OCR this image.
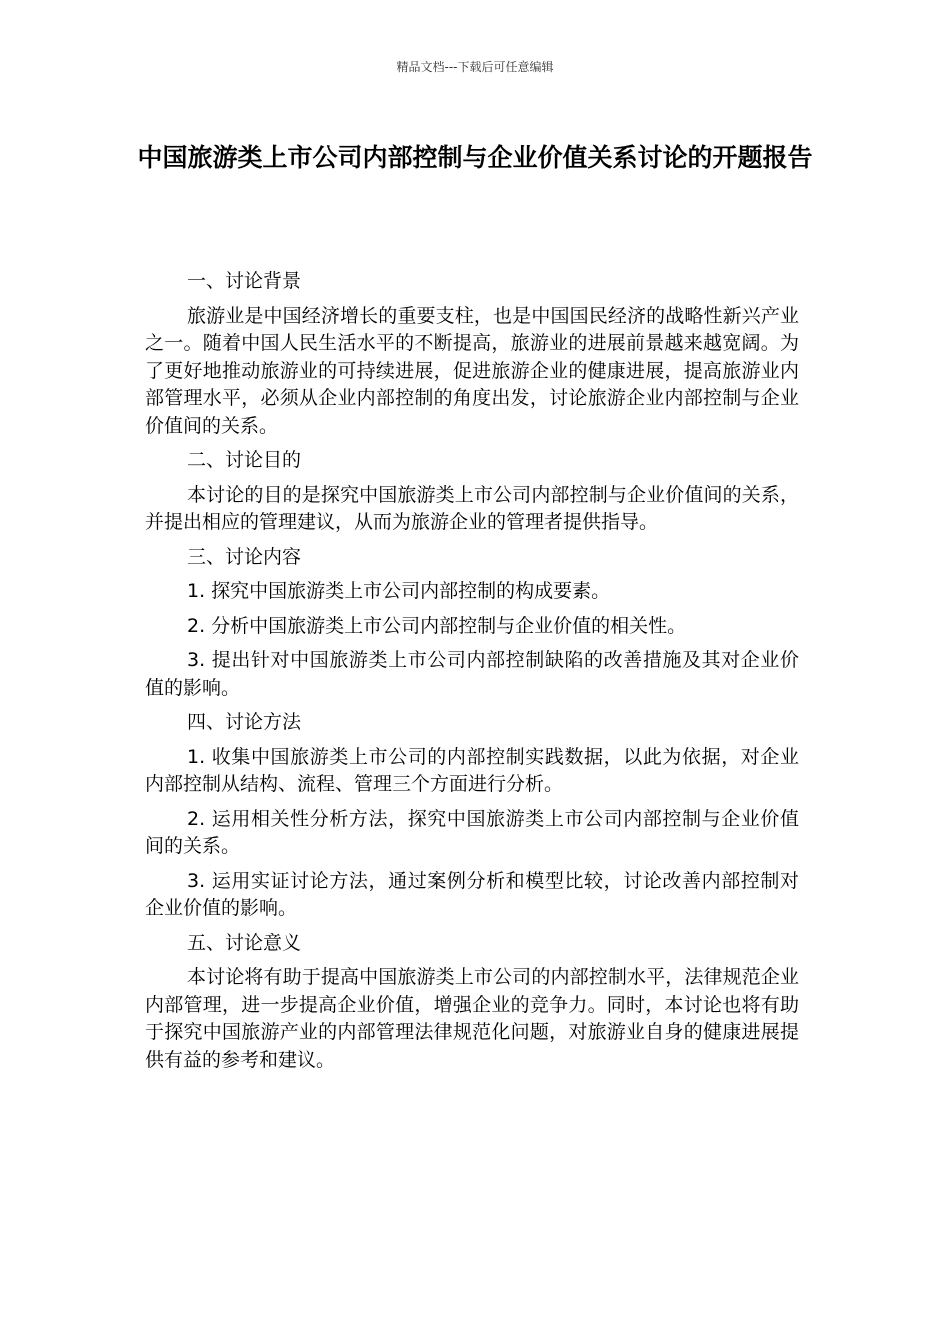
精品文档---下载后可任意编辑
中国旅游类上市公司内部控制与企业价值关系讨论的开题报告

一、讨论背景

旅游业是中国经济增长的重要支柱，也是中国国民经济的战略性新兴产业之一。随着中国人民生活水平的不断提高，旅游业的进展前景越来越宽阔。为了更好地推动旅游业的可持续进展，促进旅游企业的健康进展，提高旅游业内部管理水平，必须从企业内部控制的角度出发，讨论旅游企业内部控制与企业价值间的关系。

二、讨论目的

本讨论的目的是探究中国旅游类上市公司内部控制与企业价值间的关系，并提出相应的管理建议，从而为旅游企业的管理者提供指导。

三、讨论内容

1. 探究中国旅游类上市公司内部控制的构成要素。

2. 分析中国旅游类上市公司内部控制与企业价值的相关性。

3. 提出针对中国旅游类上市公司内部控制缺陷的改善措施及其对企业价值的影响。

四、讨论方法

1. 收集中国旅游类上市公司的内部控制实践数据，以此为依据，对企业内部控制从结构、流程、管理三个方面进行分析。

2. 运用相关性分析方法，探究中国旅游类上市公司内部控制与企业价值间的关系。

3. 运用实证讨论方法，通过案例分析和模型比较，讨论改善内部控制对企业价值的影响。

五、讨论意义

本讨论将有助于提高中国旅游类上市公司的内部控制水平，法律规范企业内部管理，进一步提高企业价值，增强企业的竞争力。同时，本讨论也将有助于探究中国旅游产业的内部管理法律规范化问题，对旅游业自身的健康进展提供有益的参考和建议。
